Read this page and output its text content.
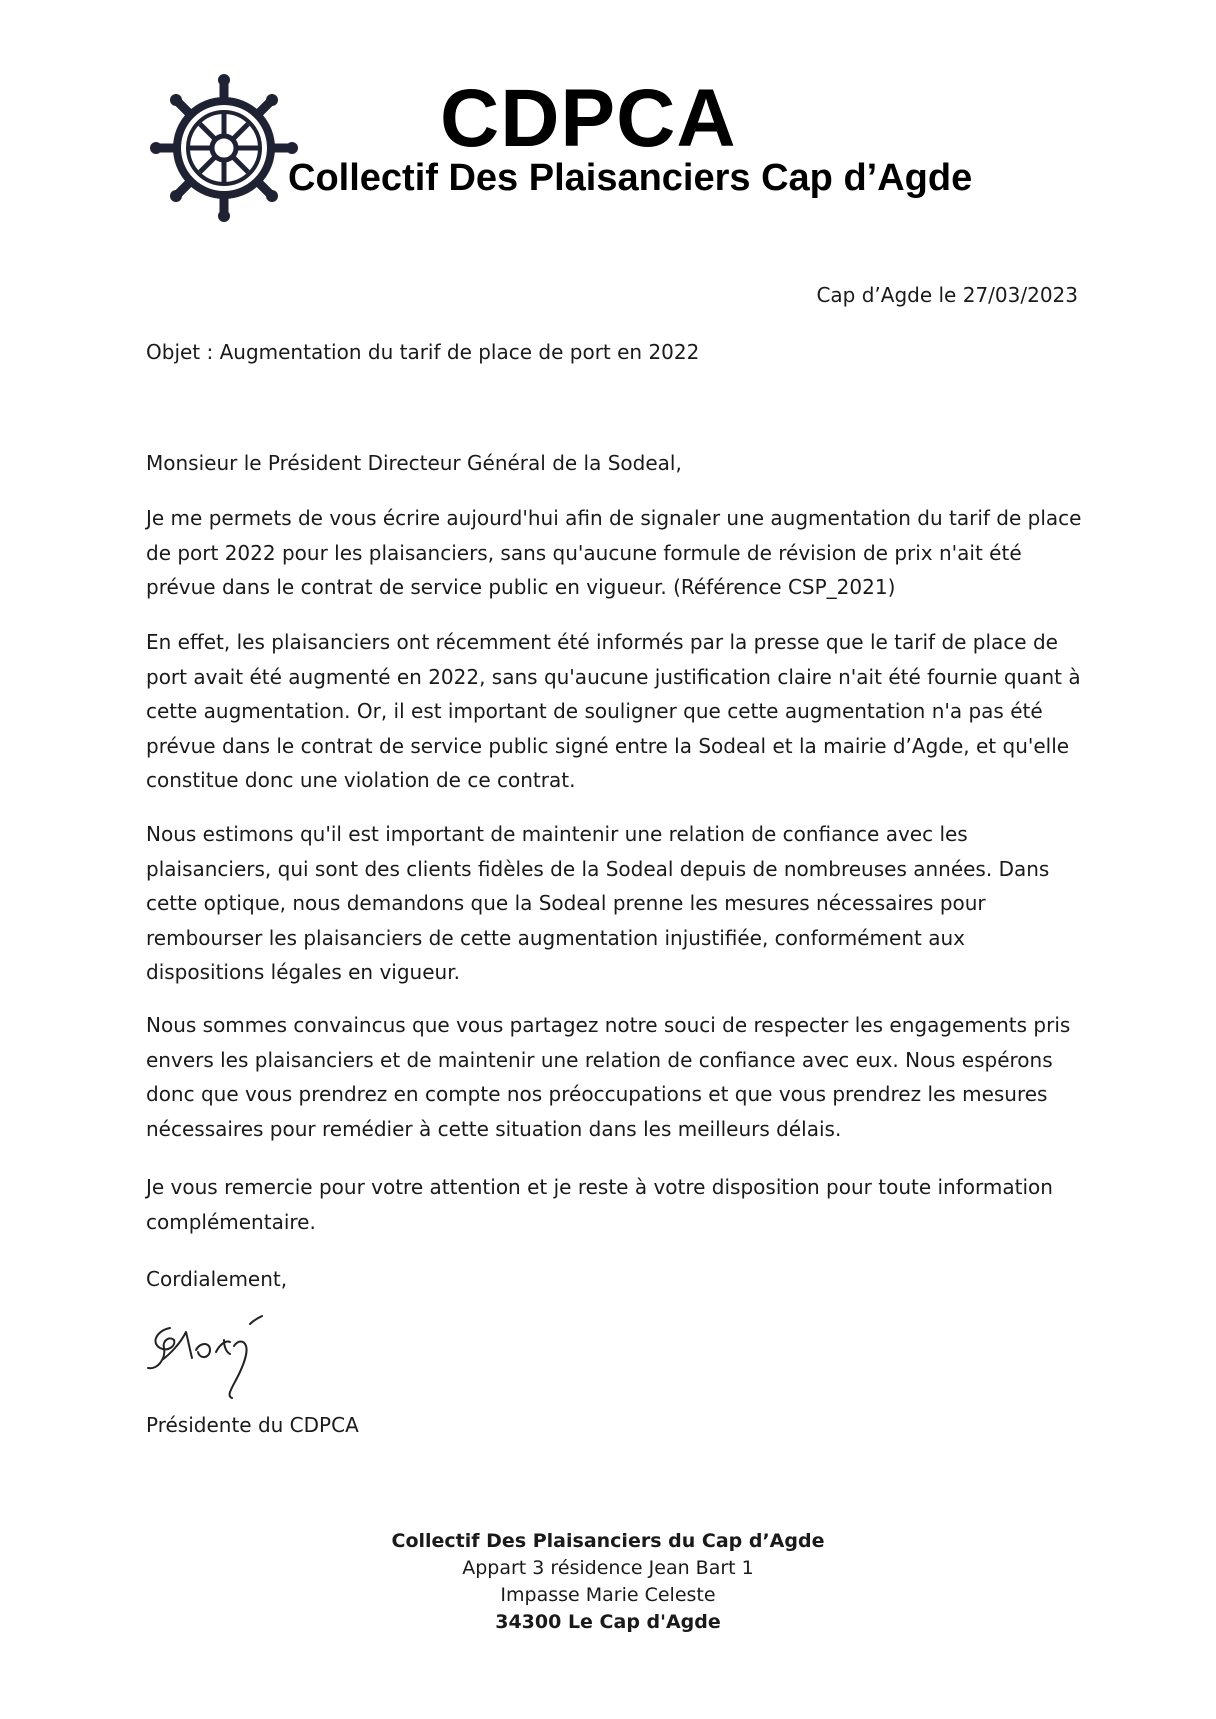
CDPCA
Collectif Des Plaisanciers Cap d’Agde
Cap d’Agde le 27/03/2023

Objet : Augmentation du tarif de place de port en 2022

Monsieur le Président Directeur Général de la Sodeal,

Je me permets de vous écrire aujourd'hui afin de signaler une augmentation du tarif de place de port 2022 pour les plaisanciers, sans qu'aucune formule de révision de prix n'ait été prévue dans le contrat de service public en vigueur. (Référence CSP_2021)

En effet, les plaisanciers ont récemment été informés par la presse que le tarif de place de port avait été augmenté en 2022, sans qu'aucune justification claire n'ait été fournie quant à cette augmentation. Or, il est important de souligner que cette augmentation n'a pas été prévue dans le contrat de service public signé entre la Sodeal et la mairie d’Agde, et qu'elle constitue donc une violation de ce contrat.

Nous estimons qu'il est important de maintenir une relation de confiance avec les plaisanciers, qui sont des clients fidèles de la Sodeal depuis de nombreuses années. Dans cette optique, nous demandons que la Sodeal prenne les mesures nécessaires pour rembourser les plaisanciers de cette augmentation injustifiée, conformément aux dispositions légales en vigueur.

Nous sommes convaincus que vous partagez notre souci de respecter les engagements pris envers les plaisanciers et de maintenir une relation de confiance avec eux. Nous espérons donc que vous prendrez en compte nos préoccupations et que vous prendrez les mesures nécessaires pour remédier à cette situation dans les meilleurs délais.

Je vous remercie pour votre attention et je reste à votre disposition pour toute information complémentaire.

Cordialement,

Présidente du CDPCA

Collectif Des Plaisanciers du Cap d’Agde
Appart 3 résidence Jean Bart 1
Impasse Marie Celeste
34300 Le Cap d'Agde
